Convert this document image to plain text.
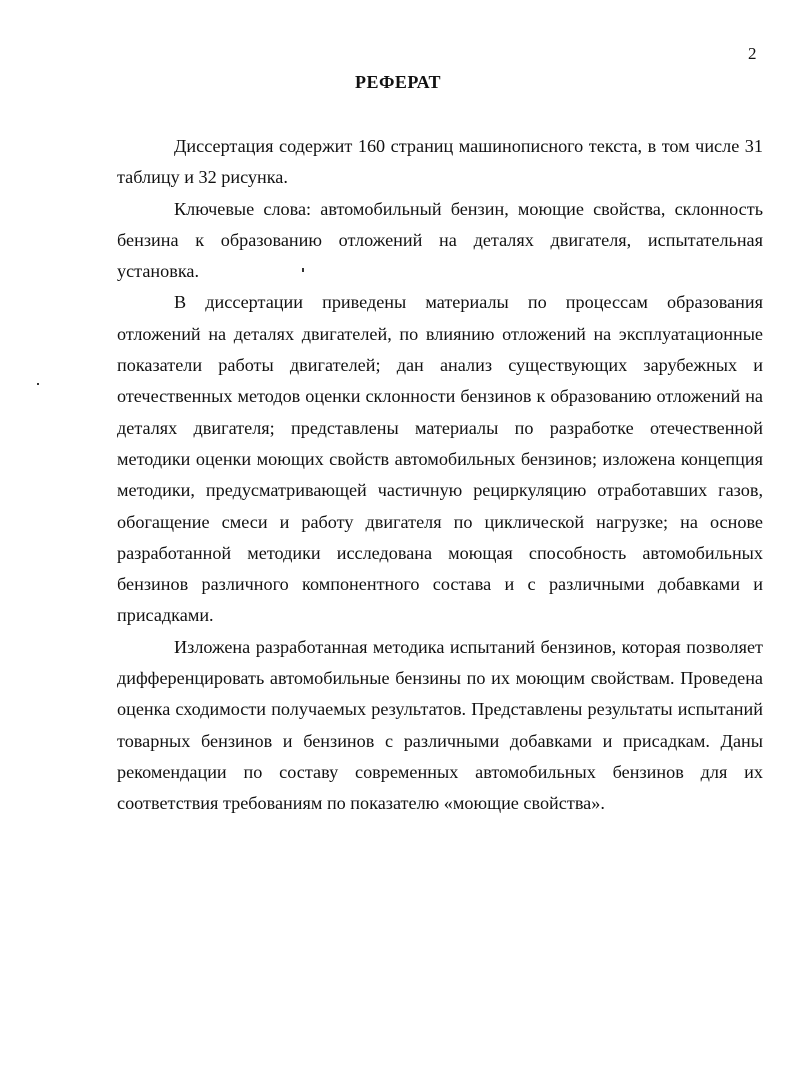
2
РЕФЕРАТ

Диссертация содержит 160 страниц машинописного текста, в том числе 31 таблицу и 32 рисунка.

Ключевые слова: автомобильный бензин, моющие свойства, склонность бензина к образованию отложений на деталях двигателя, испытательная установка.

В диссертации приведены материалы по процессам образования отложений на деталях двигателей, по влиянию отложений на эксплуатационные показатели работы двигателей; дан анализ существующих зарубежных и отечественных методов оценки склонности бензинов к образованию отложений на деталях двигателя; представлены материалы по разработке отечественной методики оценки моющих свойств автомобильных бензинов; изложена концепция методики, предусматривающей частичную рециркуляцию отработавших газов, обогащение смеси и работу двигателя по циклической нагрузке; на основе разработанной методики исследована моющая способность автомобильных бензинов различного компонентного состава и с различными добавками и присадками.

Изложена разработанная методика испытаний бензинов, которая позволяет дифференцировать автомобильные бензины по их моющим свойствам. Проведена оценка сходимости получаемых результатов. Представлены результаты испытаний товарных бензинов и бензинов с различными добавками и присадкам. Даны рекомендации по составу современных автомобильных бензинов для их соответствия требованиям по показателю «моющие свойства».
